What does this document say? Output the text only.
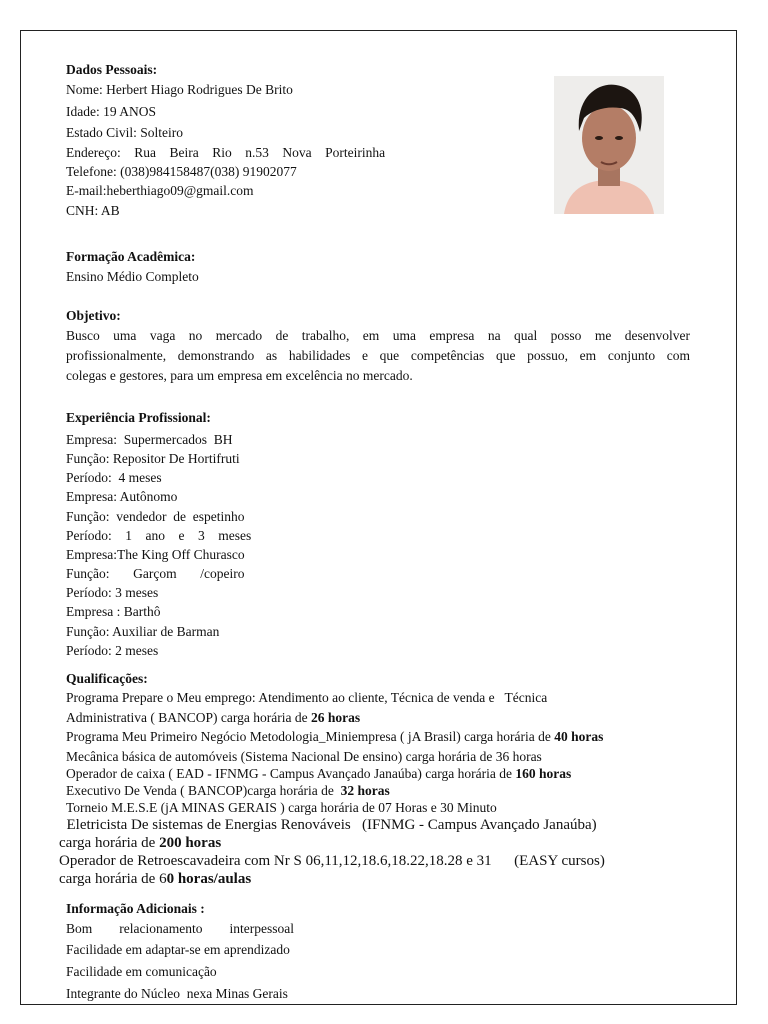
Dados Pessoais:
Nome: Herbert Hiago Rodrigues De Brito
Idade: 19 ANOS
Estado Civil: Solteiro
Endereço:    Rua    Beira    Rio    n.53    Nova    Porteirinha
Telefone: (038)984158487(038) 91902077
E-mail:heberthiago09@gmail.com
CNH: AB
Formação Acadêmica:
Ensino Médio Completo
Objetivo:
Busco uma vaga no mercado de trabalho, em uma empresa na qual posso me desenvolver
profissionalmente, demonstrando as habilidades e que competências que possuo, em conjunto com
colegas e gestores, para um empresa em excelência no mercado.
Experiência Profissional:
Empresa:  Supermercados  BH
Função: Repositor De Hortifruti
Período:  4 meses
Empresa: Autônomo
Função:  vendedor  de  espetinho
Período:    1    ano    e    3    meses
Empresa:The King Off Churasco
Função:       Garçom       /copeiro
Período: 3 meses
Empresa : Barthô
Função: Auxiliar de Barman
Período: 2 meses
Qualificações:
Programa Prepare o Meu emprego: Atendimento ao cliente, Técnica de venda e   Técnica
Administrativa ( BANCOP) carga horária de 26 horas
Programa Meu Primeiro Negócio Metodologia_Miniempresa ( jA Brasil) carga horária de 40 horas
Mecânica básica de automóveis (Sistema Nacional De ensino) carga horária de 36 horas
Operador de caixa ( EAD - IFNMG - Campus Avançado Janaúba) carga horária de 160 horas
Executivo De Venda ( BANCOP)carga horária de  32 horas
Torneio M.E.S.E (jA MINAS GERAIS ) carga horária de 07 Horas e 30 Minuto
Eletricista De sistemas de Energias Renováveis   (IFNMG - Campus Avançado Janaúba)
carga horária de 200 horas
Operador de Retroescavadeira com Nr S 06,11,12,18.6,18.22,18.28 e 31      (EASY cursos)
carga horária de 60 horas/aulas
Informação Adicionais :
Bom        relacionamento        interpessoal
Facilidade em adaptar-se em aprendizado
Facilidade em comunicação
Integrante do Núcleo  nexa Minas Gerais
